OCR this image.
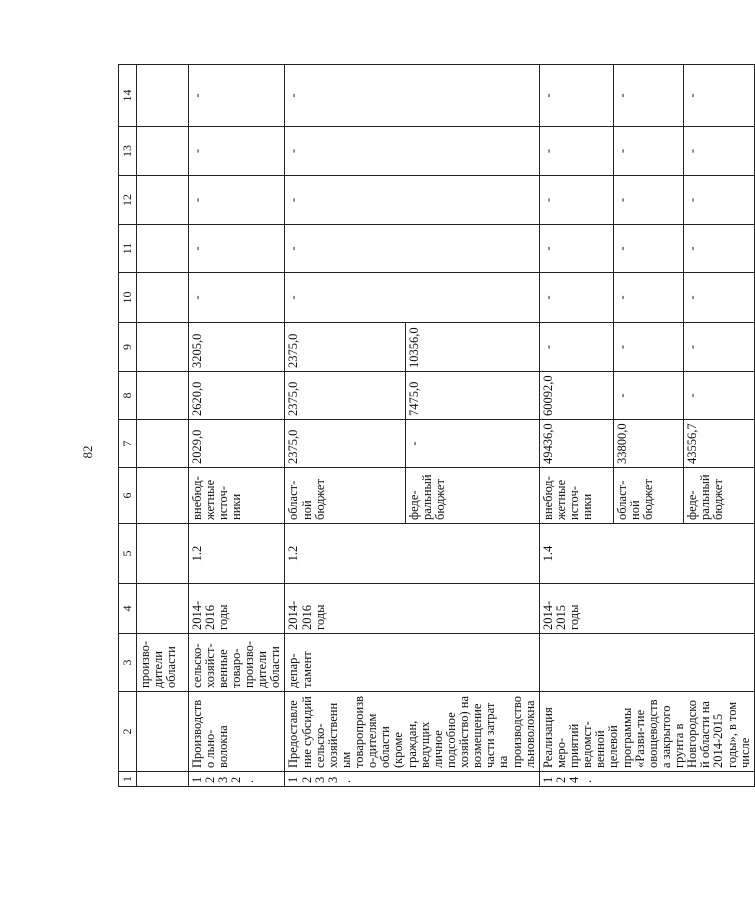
82
1	2	3	4	5	6	7	8	9	10	11	12	13	14
		произво-дители области											
1232.	Производство льно-волокна	сельско-хозяйст-венные товаро-произво-дители области	2014-2016 годы	1.2	внебюд-жетные источ-ники	2029,0	2620,0	3205,0	-	-	-	-	-
1233.	Предоставление субсидий сельско-хозяйственным товаропроизво-дителям области (кроме граждан, ведущих личное подсобное хозяйство) на возмещение части затрат на производство льноволокна	депар-тамент	2014-2016 годы	1.2	област-ной бюджет	2375,0	2375,0	2375,0	-	-	-	-	-
					феде-ральный бюджет	-	7475,0	10356,0					
124.	Реализация меро-приятий ведомст-венной целевой программы «Разви-тие овощеводства закрытого грунта в Новгородской области на 2014-2015 годы», в том числе		2014-2015 годы	1.4	внебюд-жетные источ-ники	49436,0	60092,0	-	-	-	-	-	-
					област-ной бюджет	33800,0	-	-	-	-	-	-	-
					феде-ральный бюджет	43556,7	-	-	-	-	-	-	-
